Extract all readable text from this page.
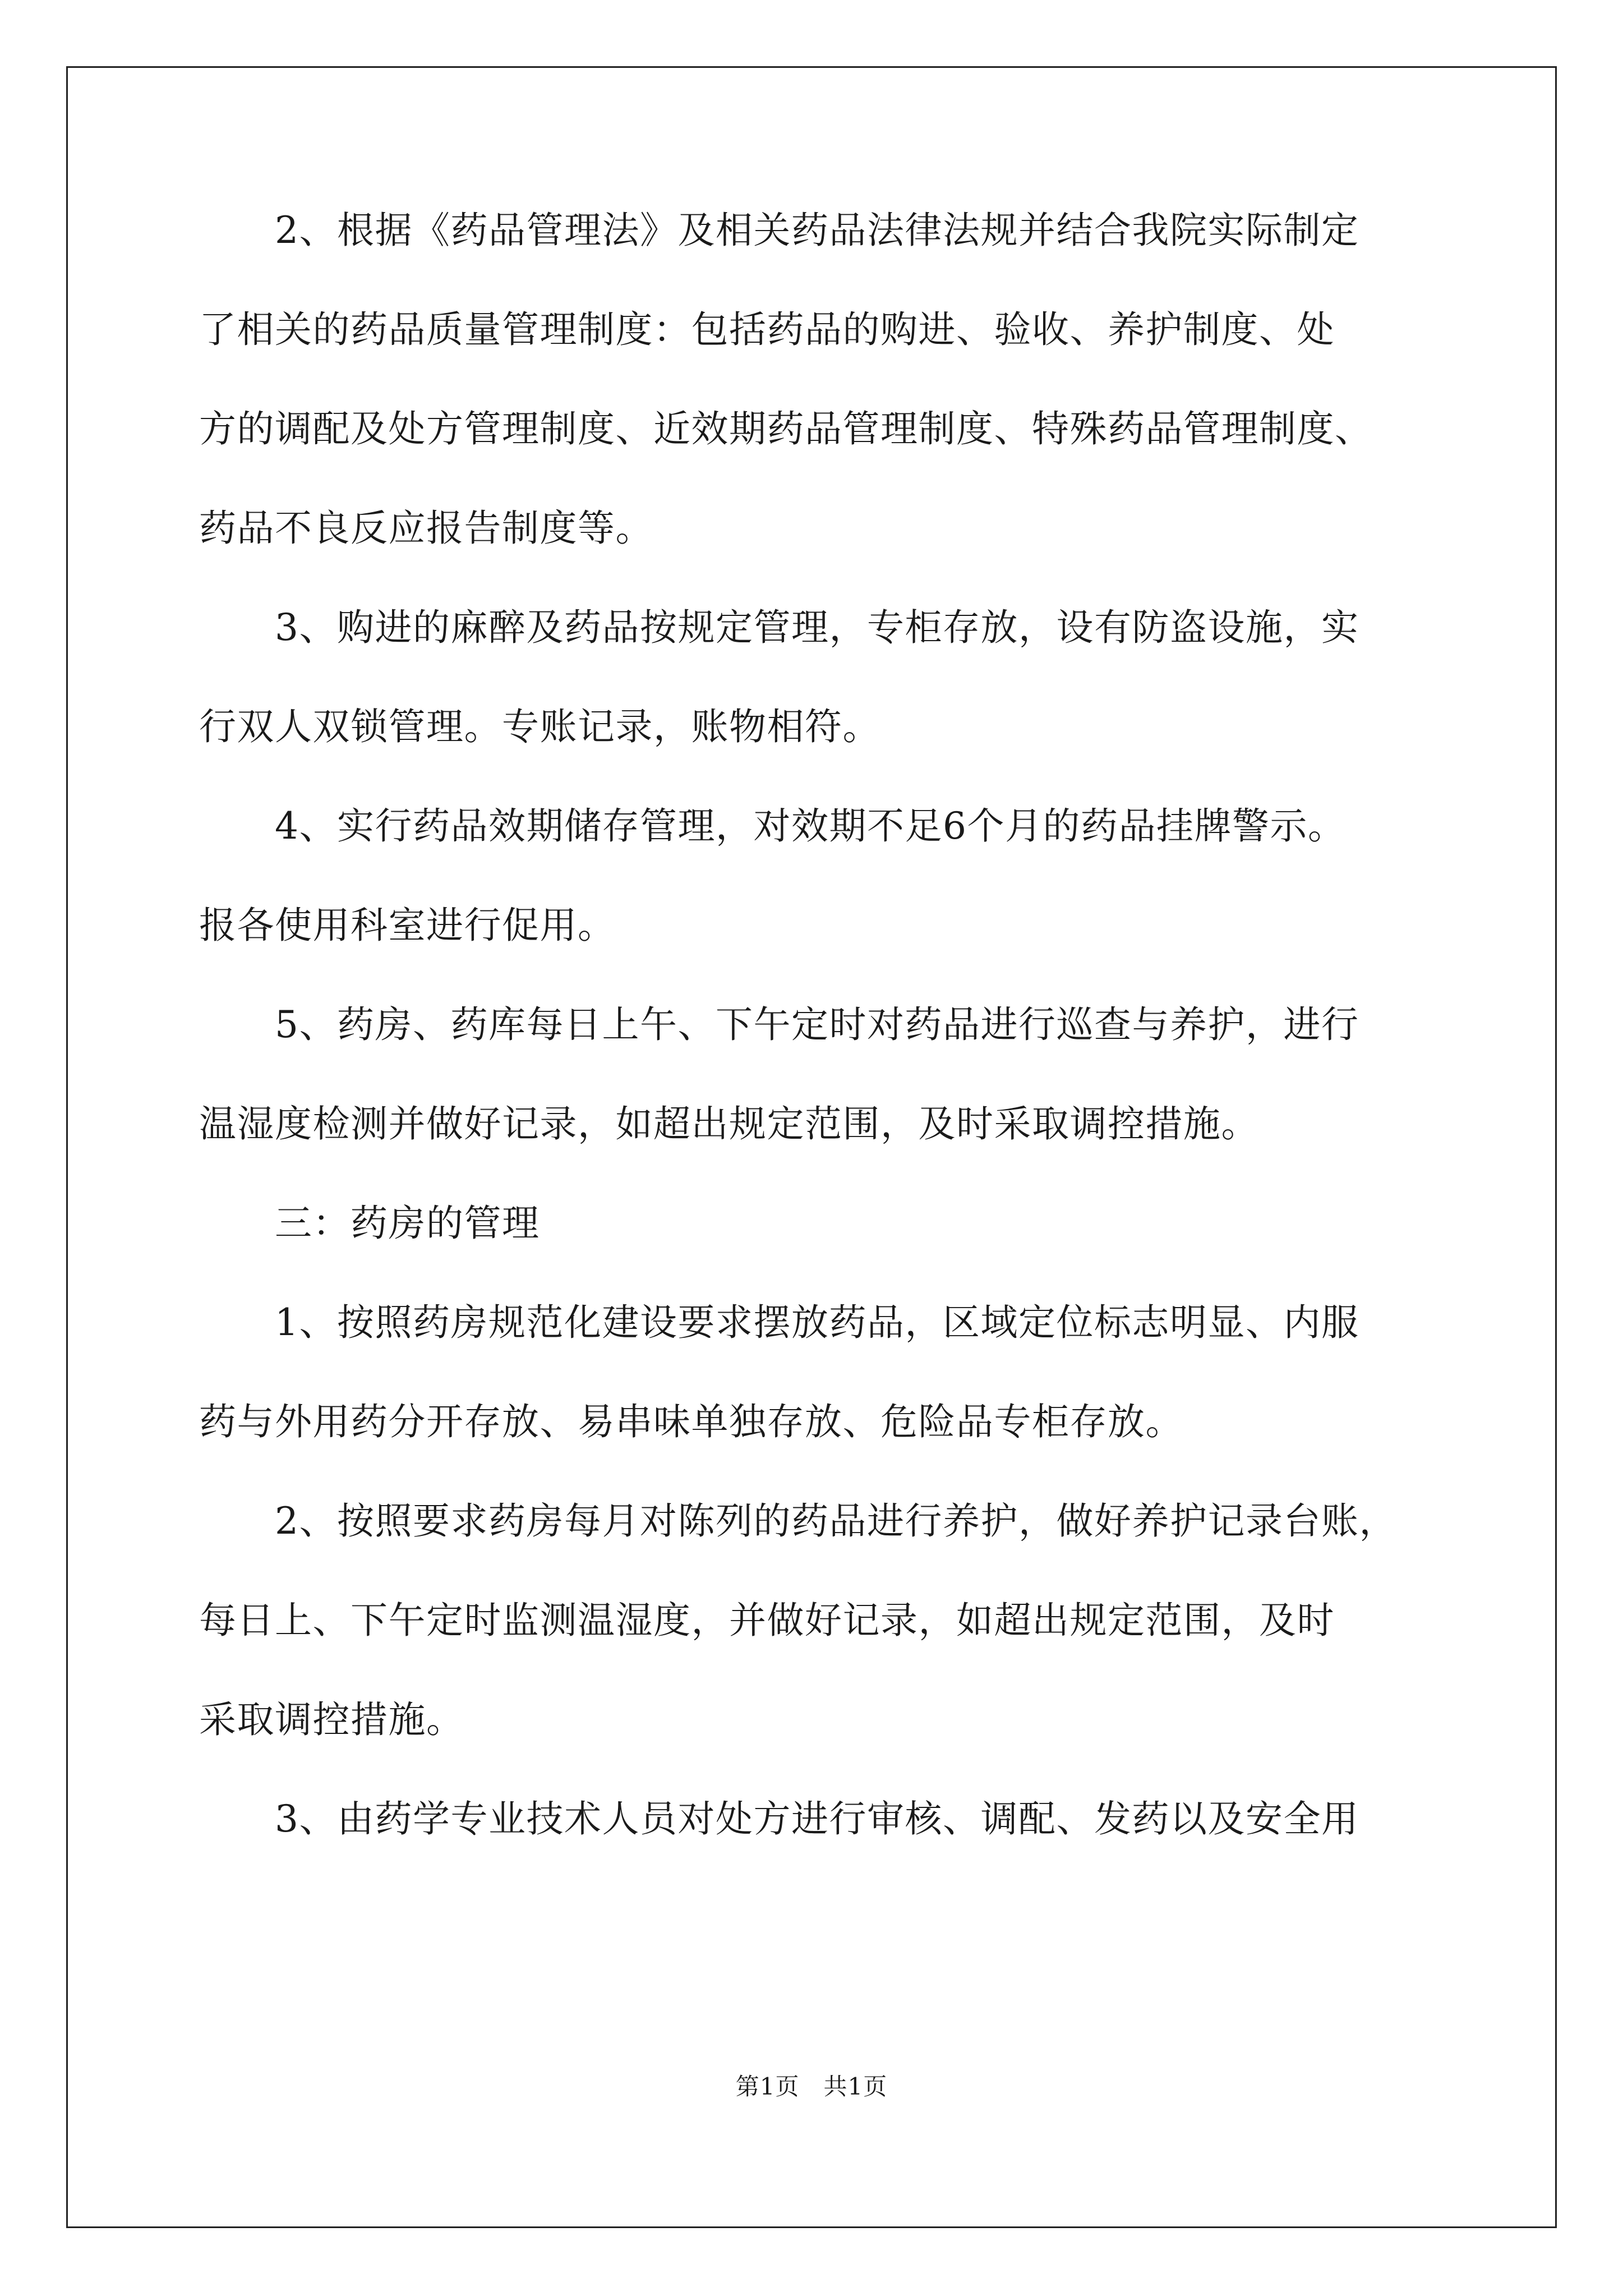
2、根据《药品管理法》及相关药品法律法规并结合我院实际制定
了相关的药品质量管理制度：包括药品的购进、验收、养护制度、处
方的调配及处方管理制度、近效期药品管理制度、特殊药品管理制度、
药品不良反应报告制度等。
3、购进的麻醉及药品按规定管理，专柜存放，设有防盗设施，实
行双人双锁管理。专账记录，账物相符。
4、实行药品效期储存管理，对效期不足6个月的药品挂牌警示。
报各使用科室进行促用。
5、药房、药库每日上午、下午定时对药品进行巡查与养护，进行
温湿度检测并做好记录，如超出规定范围，及时采取调控措施。
三：药房的管理
1、按照药房规范化建设要求摆放药品，区域定位标志明显、内服
药与外用药分开存放、易串味单独存放、危险品专柜存放。
2、按照要求药房每月对陈列的药品进行养护，做好养护记录台账，
每日上、下午定时监测温湿度，并做好记录，如超出规定范围，及时
采取调控措施。
3、由药学专业技术人员对处方进行审核、调配、发药以及安全用
第1页　共1页
